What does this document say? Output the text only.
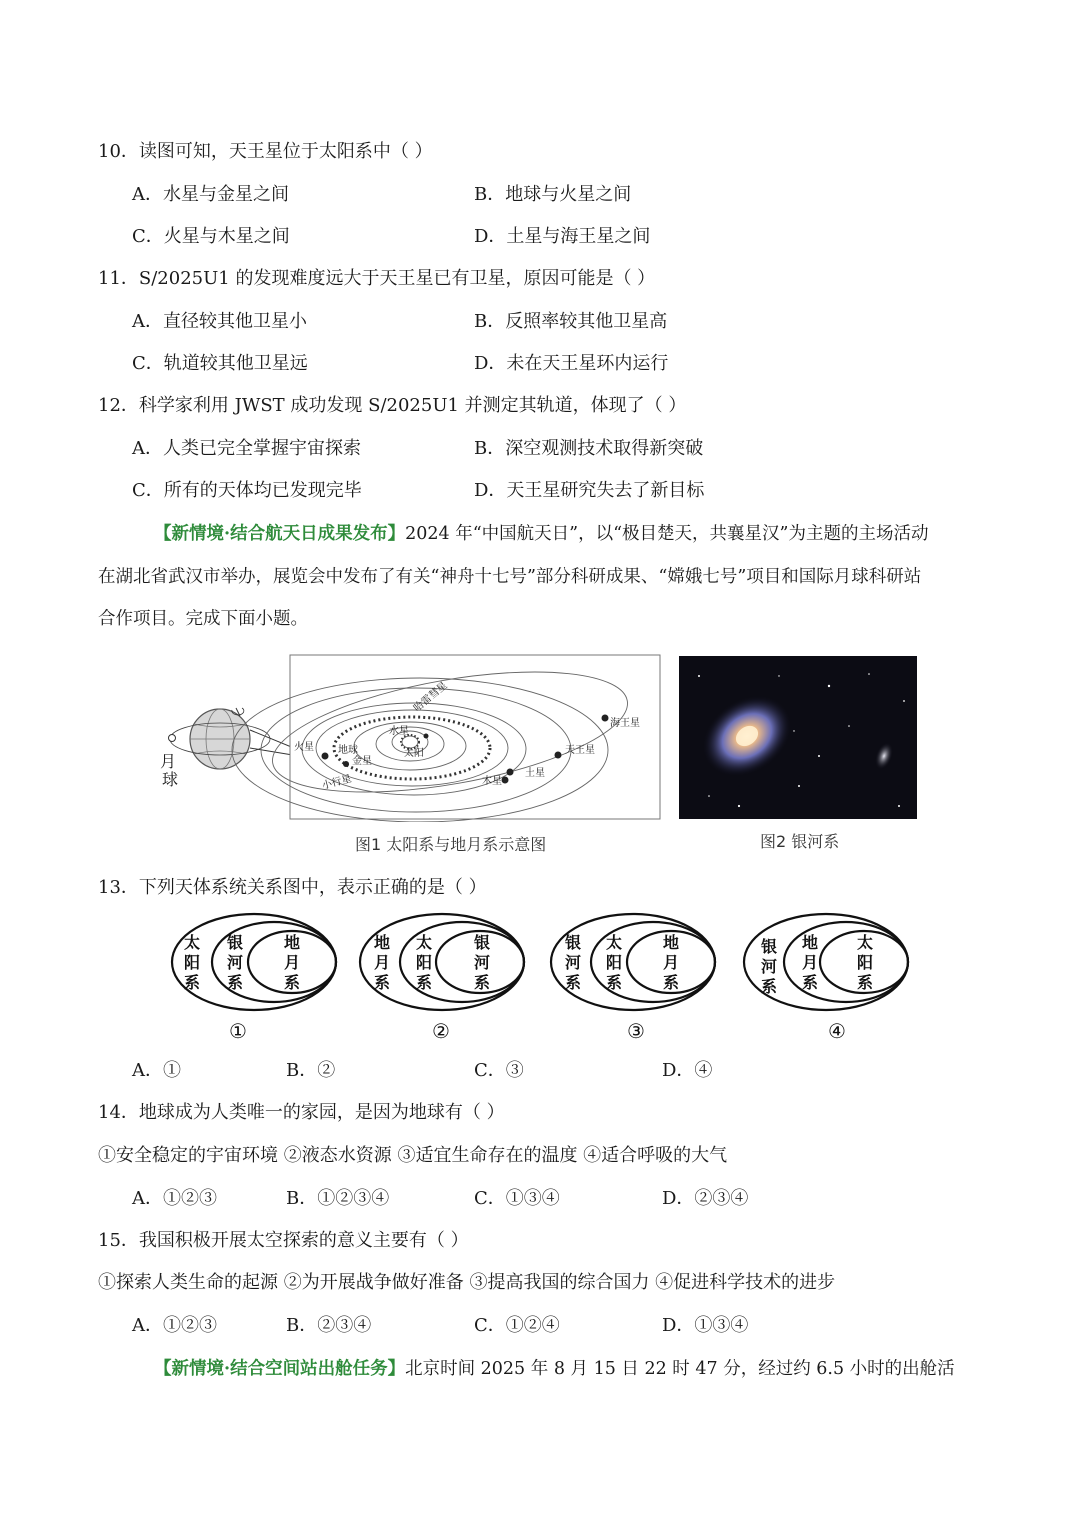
10．读图可知，天王星位于太阳系中（ ）
A．水星与金星之间	B．地球与火星之间
C．火星与木星之间	D．土星与海王星之间
11．S/2025U1 的发现难度远大于天王星已有卫星，原因可能是（ ）
A．直径较其他卫星小	B．反照率较其他卫星高
C．轨道较其他卫星远	D．未在天王星环内运行
12．科学家利用 JWST 成功发现 S/2025U1 并测定其轨道，体现了（ ）
A．人类已完全掌握宇宙探索	B．深空观测技术取得新突破
C．所有的天体均已发现完毕	D．天王星研究失去了新目标
【新情境·结合航天日成果发布】2024 年“中国航天日”，以“极目楚天，共襄星汉”为主题的主场活动
在湖北省武汉市举办，展览会中发布了有关“神舟十七号”部分科研成果、“嫦娥七号”项目和国际月球科研站
合作项目。完成下面小题。
水星
太阳
金星
地球
火星
木星
土星
天王星
海王星
小行星
哈雷彗星
月
球
图1 太阳系与地月系示意图	图2 银河系
13．下列天体系统关系图中，表示正确的是（ ）
太
阳
系
银
河
系
地
月
系
地
月
系
太
阳
系
银
河
系
银
河
系
太
阳
系
地
月
系
银
河
系
地
月
系
太
阳
系
①	②	③	④
A．①	B．②	C．③	D．④
14．地球成为人类唯一的家园，是因为地球有（ ）
①安全稳定的宇宙环境 ②液态水资源 ③适宜生命存在的温度 ④适合呼吸的大气
A．①②③	B．①②③④	C．①③④	D．②③④
15．我国积极开展太空探索的意义主要有（ ）
①探索人类生命的起源 ②为开展战争做好准备 ③提高我国的综合国力 ④促进科学技术的进步
A．①②③	B．②③④	C．①②④	D．①③④
【新情境·结合空间站出舱任务】北京时间 2025 年 8 月 15 日 22 时 47 分，经过约 6.5 小时的出舱活
